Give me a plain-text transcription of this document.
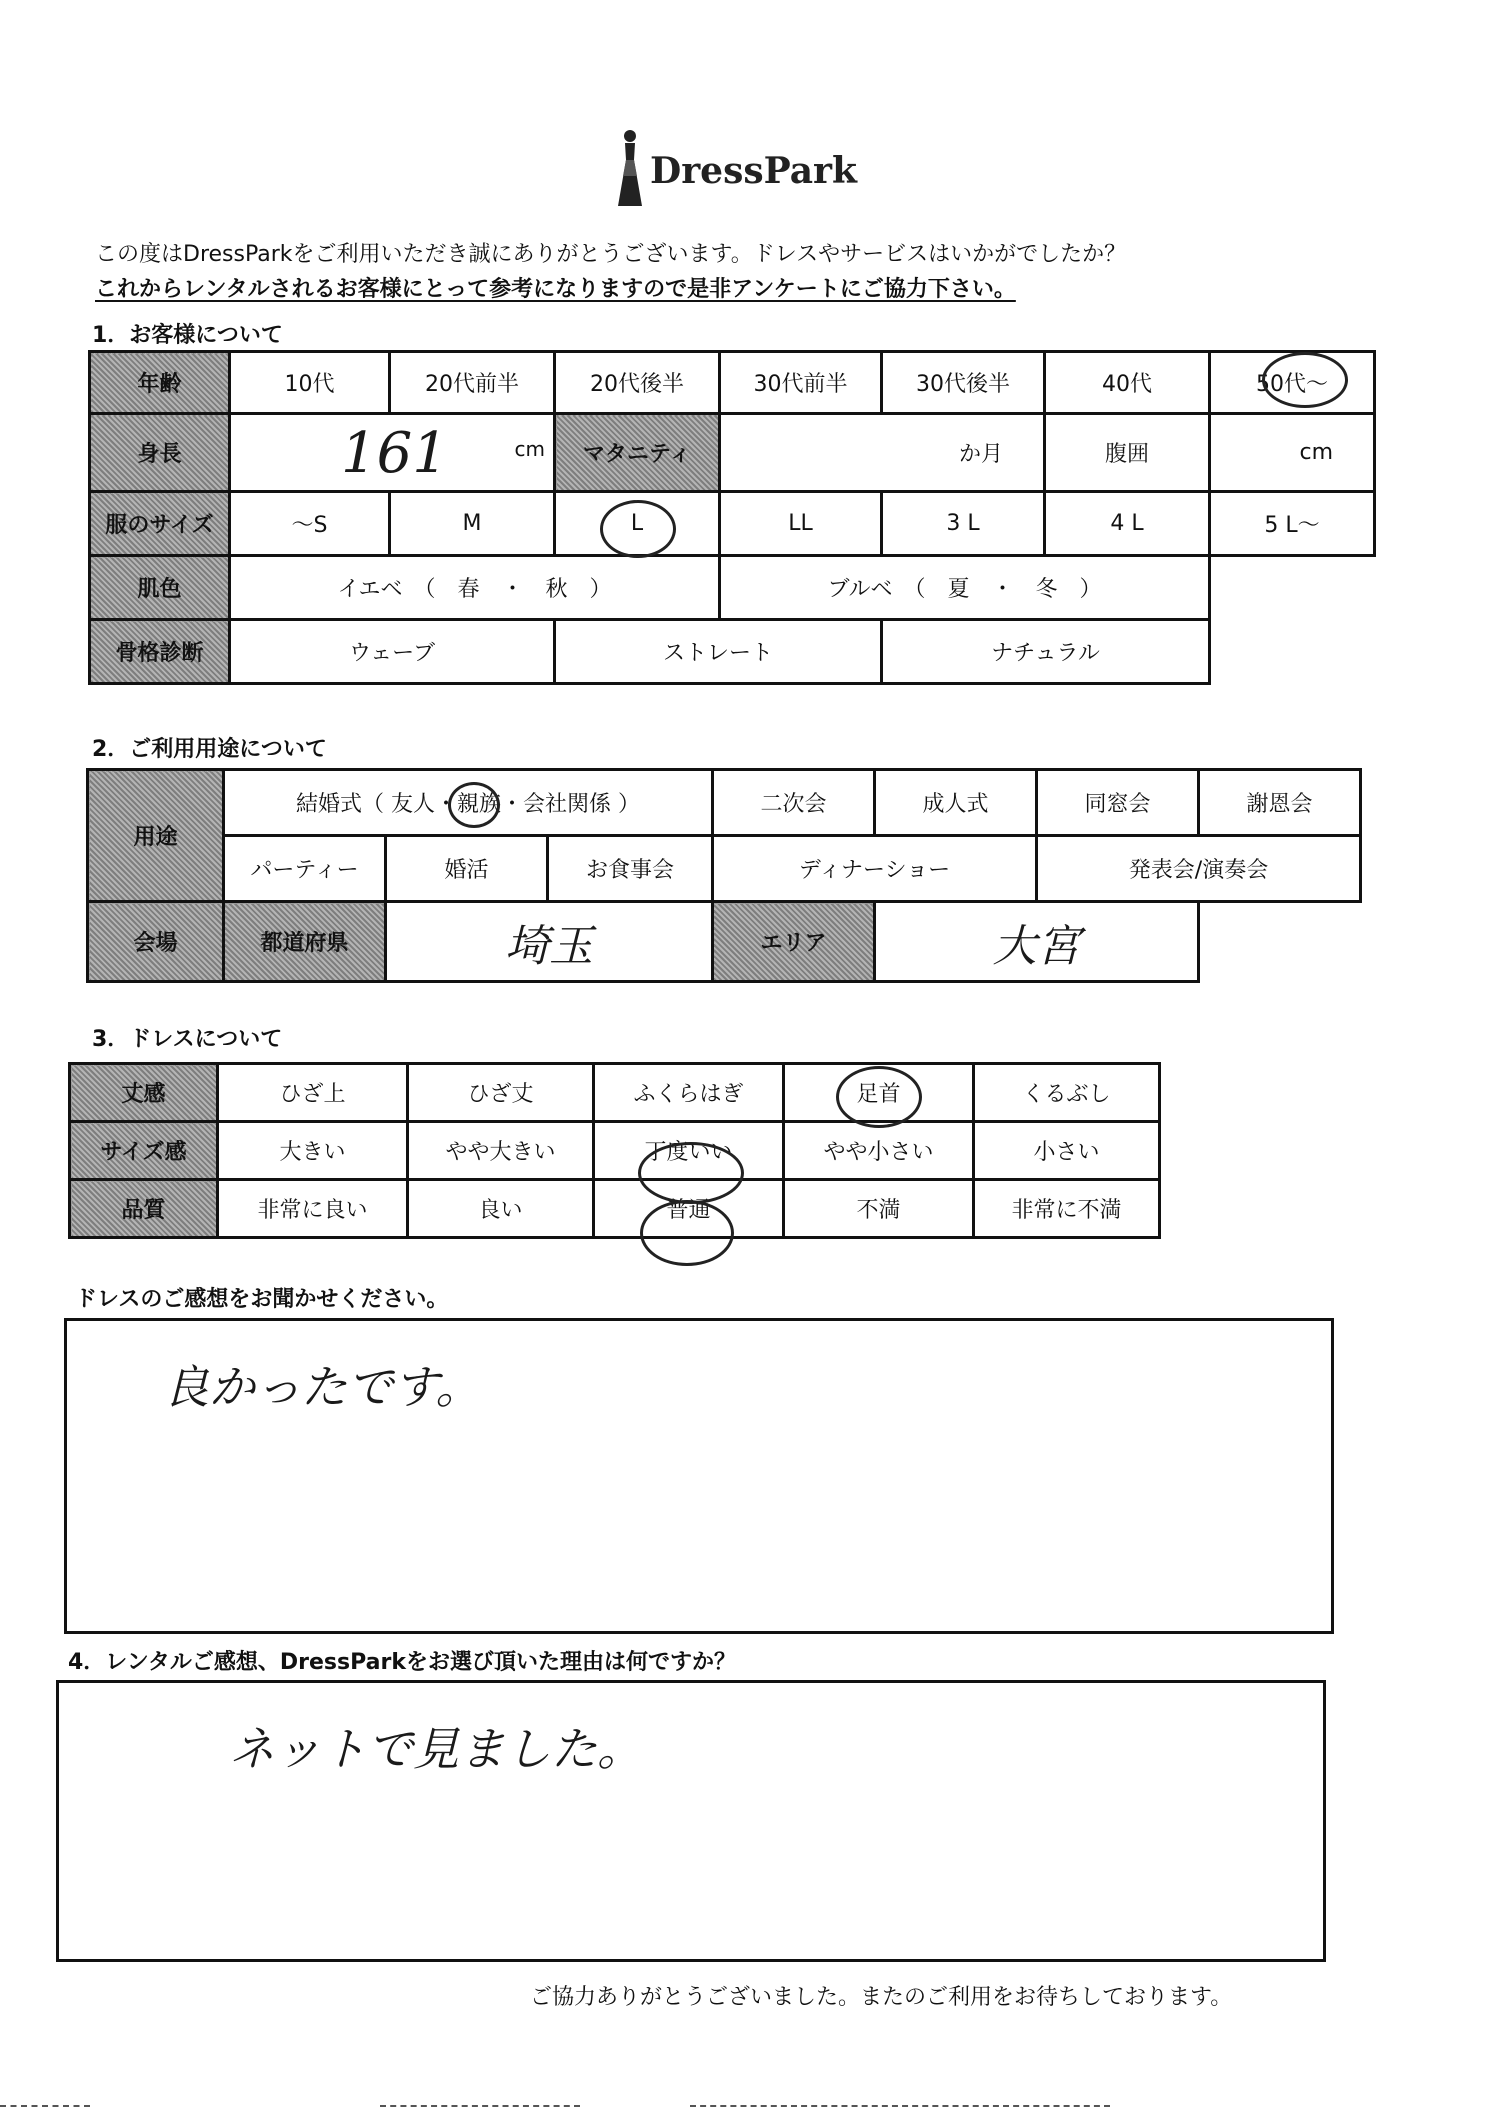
DressPark
この度はDressParkをご利用いただき誠にありがとうございます。ドレスやサービスはいかがでしたか？
これからレンタルされるお客様にとって参考になりますので是非アンケートにご協力下さい。
1．お客様について
年齢	10代	20代前半	20代後半	30代前半	30代後半	40代	50代〜
身長	161 cm		マタニティ	か月		腹囲	cm
服のサイズ	〜S	M	L	LL	3 L	4 L	5 L〜
肌色	イエベ　（　春　・　秋　）			ブルベ　（　夏　・　冬　）			
骨格診断	ウェーブ		ストレート		ナチュラル		
2．ご利用用途について
用途	結婚式（ 友人・親族・会社関係 ）			二次会	成人式	同窓会	謝恩会
	パーティー	婚活	お食事会	ディナーショー		発表会/演奏会	
会場	都道府県	埼玉		エリア	大宮		
3．ドレスについて
丈感	ひざ上	ひざ丈	ふくらはぎ	足首	くるぶし
サイズ感	大きい	やや大きい	丁度いい	やや小さい	小さい
品質	非常に良い	良い	普通	不満	非常に不満
ドレスのご感想をお聞かせください。
良かったです。
4．レンタルご感想、DressParkをお選び頂いた理由は何ですか？
ネットで見ました。
ご協力ありがとうございました。またのご利用をお待ちしております。
